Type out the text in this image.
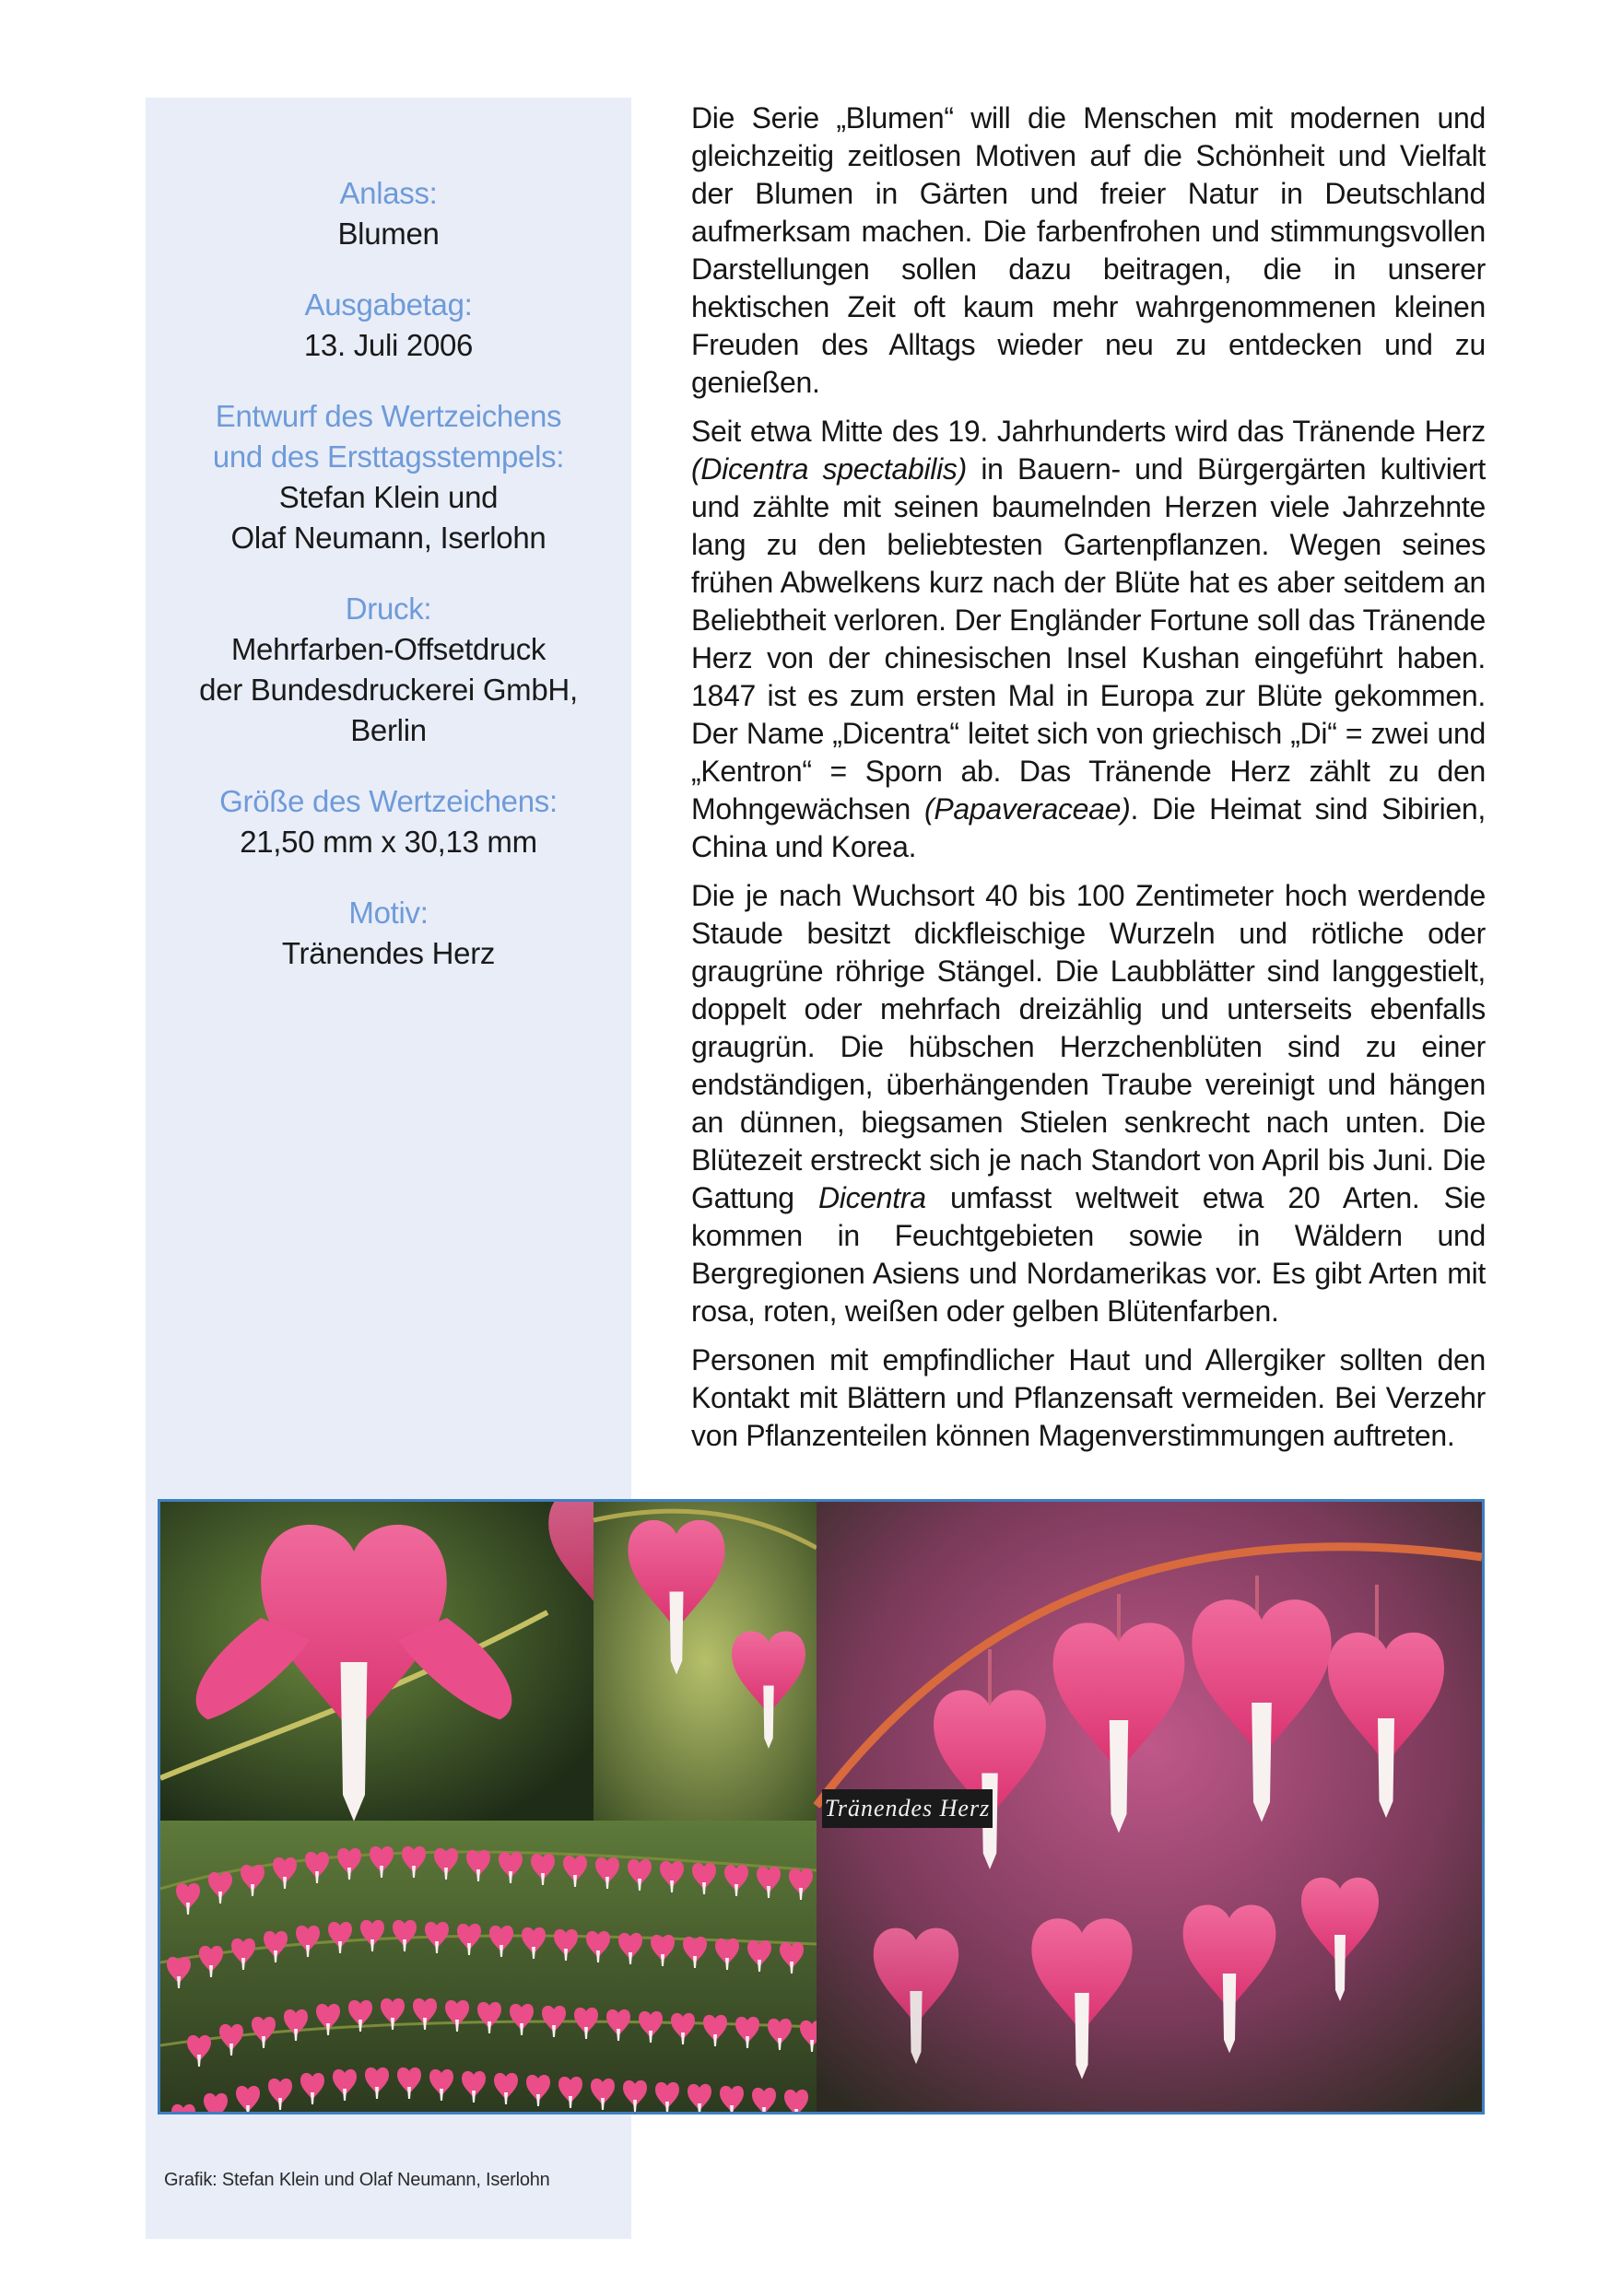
Anlass:
Blumen
Ausgabetag:
13. Juli 2006
Entwurf des Wertzeichens und des Ersttagsstempels:
Stefan Klein und
Olaf Neumann, Iserlohn
Druck:
Mehrfarben-Offsetdruck
der Bundesdruckerei GmbH,
Berlin
Größe des Wertzeichens:
21,50 mm x 30,13 mm
Motiv:
Tränendes Herz

Die Serie „Blumen“ will die Menschen mit modernen und gleichzeitig zeitlosen Motiven auf die Schönheit und Vielfalt der Blumen in Gärten und freier Natur in Deutschland aufmerksam machen. Die farbenfrohen und stimmungsvollen Darstellungen sollen dazu beitragen, die in unserer hektischen Zeit oft kaum mehr wahrgenommenen kleinen Freuden des Alltags wieder neu zu entdecken und zu genießen.

Seit etwa Mitte des 19. Jahrhunderts wird das Tränende Herz (Dicentra spectabilis) in Bauern- und Bürgergärten kultiviert und zählte mit seinen baumelnden Herzen viele Jahrzehnte lang zu den beliebtesten Gartenpflanzen. Wegen seines frühen Abwelkens kurz nach der Blüte hat es aber seitdem an Beliebtheit verloren. Der Engländer Fortune soll das Tränende Herz von der chinesischen Insel Kushan eingeführt haben. 1847 ist es zum ersten Mal in Europa zur Blüte gekommen. Der Name „Dicentra“ leitet sich von griechisch „Di“ = zwei und „Kentron“ = Sporn ab. Das Tränende Herz zählt zu den Mohngewächsen (Papaveraceae). Die Heimat sind Sibirien, China und Korea.

Die je nach Wuchsort 40 bis 100 Zentimeter hoch werdende Staude besitzt dickfleischige Wurzeln und rötliche oder graugrüne röhrige Stängel. Die Laubblätter sind langgestielt, doppelt oder mehrfach dreizählig und unterseits ebenfalls graugrün. Die hübschen Herzchenblüten sind zu einer endständigen, überhängenden Traube vereinigt und hängen an dünnen, biegsamen Stielen senkrecht nach unten. Die Blütezeit erstreckt sich je nach Standort von April bis Juni. Die Gattung Dicentra umfasst weltweit etwa 20 Arten. Sie kommen in Feuchtgebieten sowie in Wäldern und Bergregionen Asiens und Nordamerikas vor. Es gibt Arten mit rosa, roten, weißen oder gelben Blütenfarben.

Personen mit empfindlicher Haut und Allergiker sollten den Kontakt mit Blättern und Pflanzensaft vermeiden. Bei Verzehr von Pflanzenteilen können Magenverstimmungen auftreten.

Tränendes Herz
Grafik: Stefan Klein und Olaf Neumann, Iserlohn
